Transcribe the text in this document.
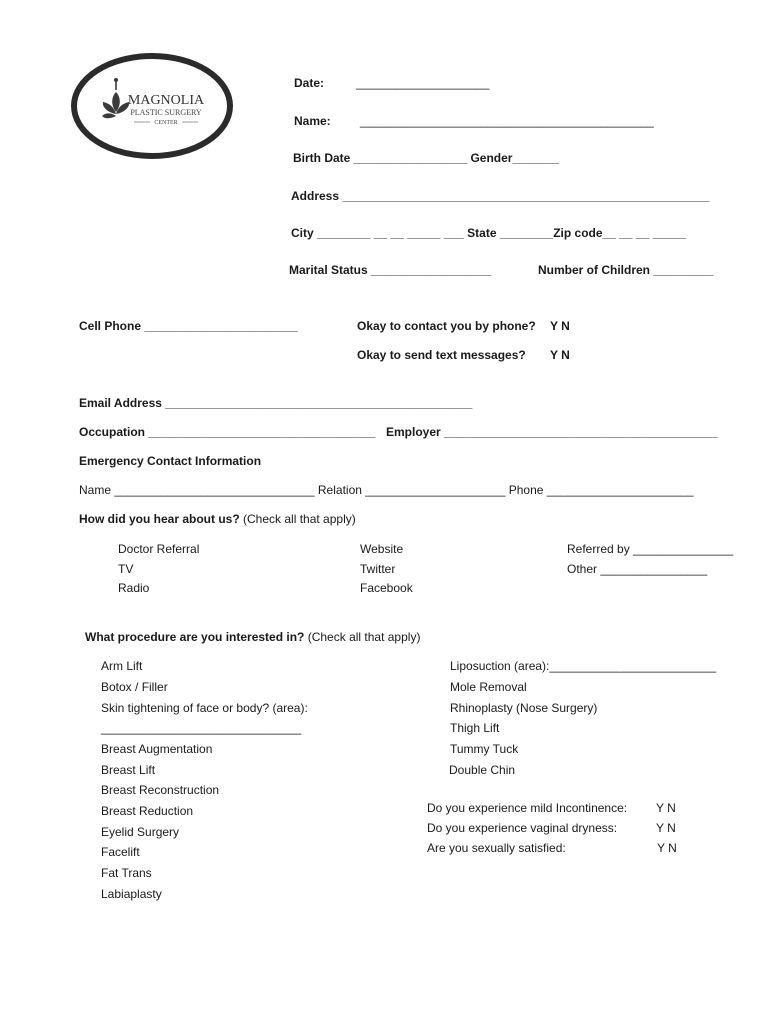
MAGNOLIA
PLASTIC SURGERY
CENTER
Date:	____________________
Name: ____________________________________________
Birth Date _________________ Gender_______
Address _______________________________________________________
City ________ __ __ _____ ___ State ________Zip code__ __ __ _____
Marital Status __________________	Number of Children _________
Cell Phone _______________________	Okay to contact you by phone? Y N
Okay to send text messages? Y N
Email Address ______________________________________________
Occupation __________________________________ Employer _________________________________________
Emergency Contact Information
Name ______________________________ Relation _____________________ Phone ______________________
How did you hear about us? (Check all that apply)
Doctor Referral
TV
Radio
Website
Twitter
Facebook
Referred by _______________
Other ________________
What procedure are you interested in? (Check all that apply)
Arm Lift
Botox / Filler
Skin tightening of face or body? (area):
______________________________
Breast Augmentation
Breast Lift
Breast Reconstruction
Breast Reduction
Eyelid Surgery
Facelift
Fat Trans
Labiaplasty
Liposuction (area):_________________________
Mole Removal
Rhinoplasty (Nose Surgery)
Thigh Lift
Tummy Tuck
Double Chin
Do you experience mild Incontinence: Y N
Do you experience vaginal dryness:	Y N
Are you sexually satisfied:	Y N
